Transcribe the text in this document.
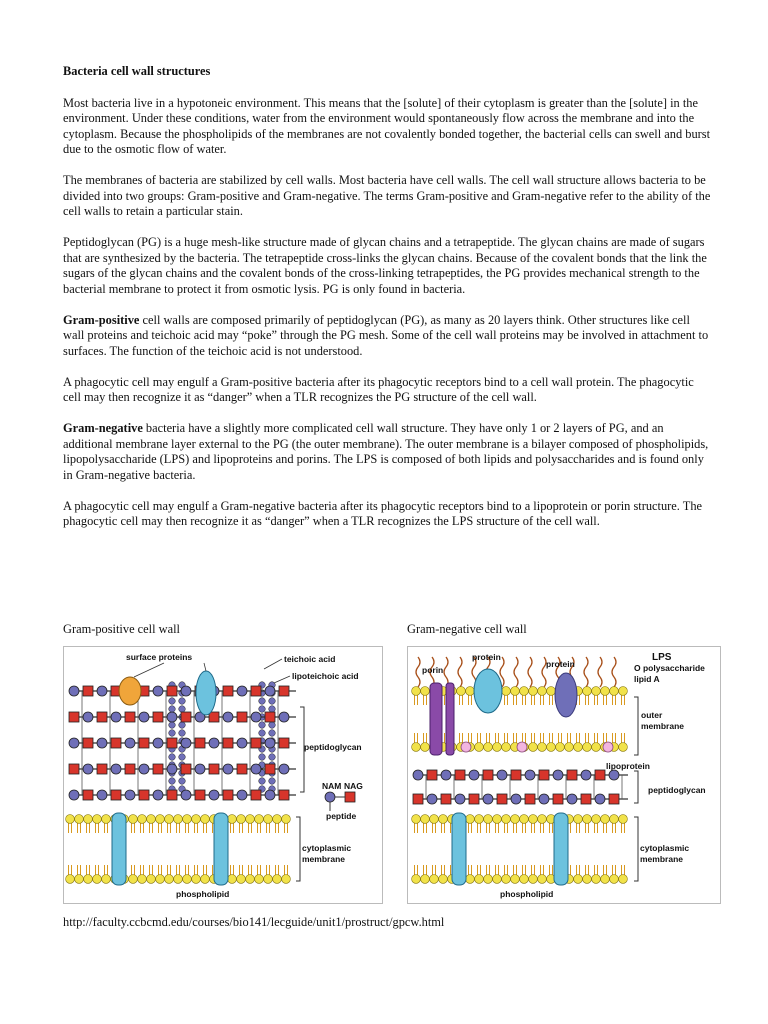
Bacteria cell wall structures

Most bacteria live in a hypotoneic environment. This means that the [solute] of their cytoplasm is greater than the [solute] in the environment. Under these conditions, water from the environment would spontaneously flow across the membrane and into the cytoplasm. Because the phospholipids of the membranes are not covalently bonded together, the bacterial cells can swell and burst due to the osmotic flow of water.

The membranes of bacteria are stabilized by cell walls. Most bacteria have cell walls. The cell wall structure allows bacteria to be divided into two groups: Gram-positive and Gram-negative. The terms Gram-positive and Gram-negative refer to the ability of the cell walls to retain a particular stain.

Peptidoglycan (PG) is a huge mesh-like structure made of glycan chains and a tetrapeptide. The glycan chains are made of sugars that are synthesized by the bacteria. The tetrapeptide cross-links the glycan chains. Because of the covalent bonds that the link the sugars of the glycan chains and the covalent bonds of the cross-linking tetrapeptides, the PG provides mechanical strength to the bacterial membrane to protect it from osmotic lysis. PG is only found in bacteria.

Gram-positive cell walls are composed primarily of peptidoglycan (PG), as many as 20 layers think. Other structures like cell wall proteins and teichoic acid may “poke” through the PG mesh. Some of the cell wall proteins may be involved in attachment to surfaces. The function of the teichoic acid is not understood.

A phagocytic cell may engulf a Gram-positive bacteria after its phagocytic receptors bind to a cell wall protein. The phagocytic cell may then recognize it as “danger” when a TLR recognizes the PG structure of the cell wall.

Gram-negative bacteria have a slightly more complicated cell wall structure. They have only 1 or 2 layers of PG, and an additional membrane layer external to the PG (the outer membrane). The outer membrane is a bilayer composed of phospholipids, lipopolysaccharide (LPS) and lipoproteins and porins. The LPS is composed of both lipids and polysaccharides and is found only in Gram-negative bacteria.

A phagocytic cell may engulf a Gram-negative bacteria after its phagocytic receptors bind to a lipoprotein or porin structure. The phagocytic cell may then recognize it as “danger” when a TLR recognizes the LPS structure of the cell wall.

Gram-positive cell wall	Gram-negative cell wall
surface proteins	teichoic acid
lipoteichoic acid
peptidoglycan
NAM NAG
peptide
cytoplasmic
membrane
phospholipid
LPS
porin
protein
protein	O polysaccharide
lipid A
outer
membrane
lipoprotein
peptidoglycan
cytoplasmic
membrane
phospholipid
http://faculty.ccbcmd.edu/courses/bio141/lecguide/unit1/prostruct/gpcw.html
